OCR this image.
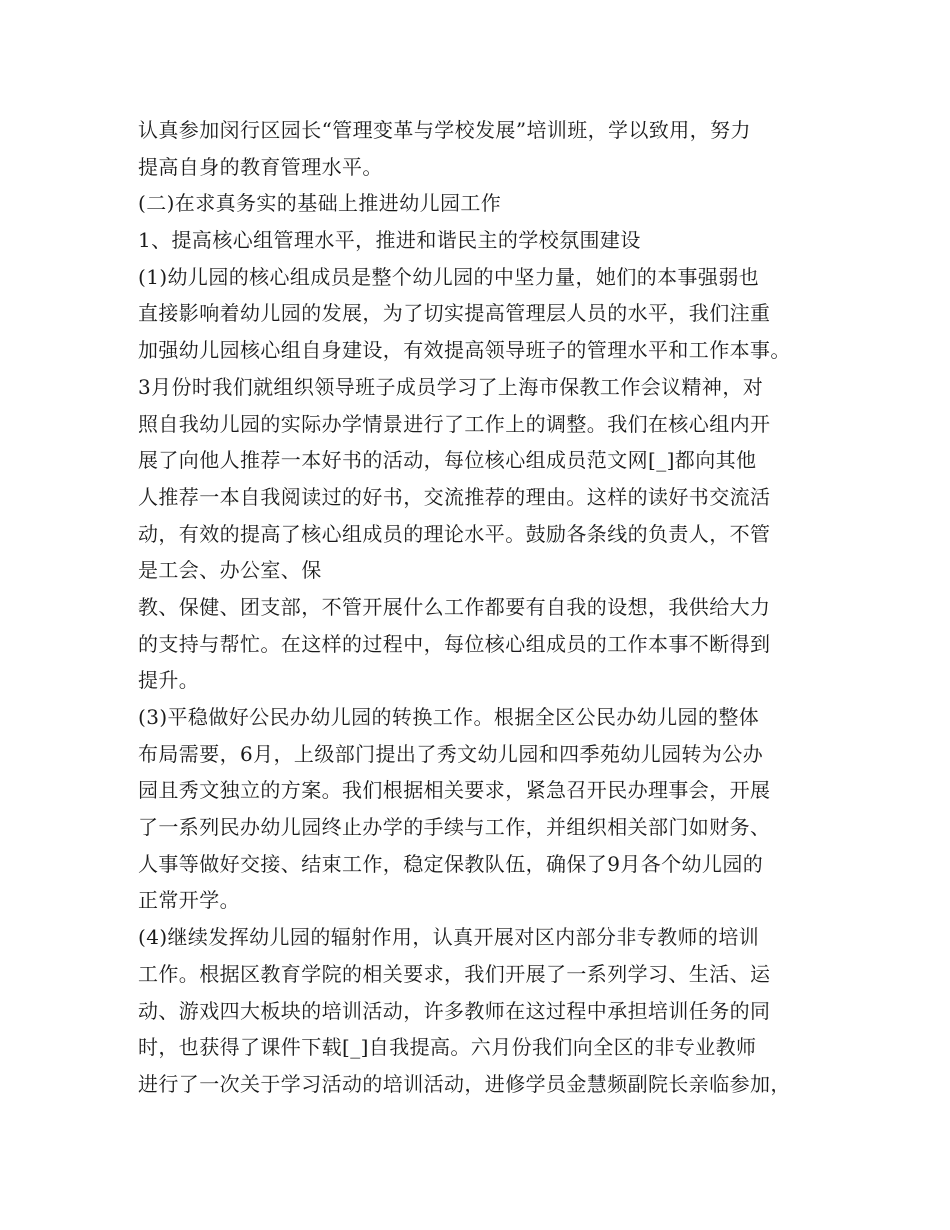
认真参加闵行区园长“管理变革与学校发展”培训班，学以致用，努力
提高自身的教育管理水平。
(二)在求真务实的基础上推进幼儿园工作
1、提高核心组管理水平，推进和谐民主的学校氛围建设
(1)幼儿园的核心组成员是整个幼儿园的中坚力量，她们的本事强弱也
直接影响着幼儿园的发展，为了切实提高管理层人员的水平，我们注重
加强幼儿园核心组自身建设，有效提高领导班子的管理水平和工作本事。
3月份时我们就组织领导班子成员学习了上海市保教工作会议精神，对
照自我幼儿园的实际办学情景进行了工作上的调整。我们在核心组内开
展了向他人推荐一本好书的活动，每位核心组成员范文网[_]都向其他
人推荐一本自我阅读过的好书，交流推荐的理由。这样的读好书交流活
动，有效的提高了核心组成员的理论水平。鼓励各条线的负责人，不管
是工会、办公室、保
教、保健、团支部，不管开展什么工作都要有自我的设想，我供给大力
的支持与帮忙。在这样的过程中，每位核心组成员的工作本事不断得到
提升。
(3)平稳做好公民办幼儿园的转换工作。根据全区公民办幼儿园的整体
布局需要，6月，上级部门提出了秀文幼儿园和四季苑幼儿园转为公办
园且秀文独立的方案。我们根据相关要求，紧急召开民办理事会，开展
了一系列民办幼儿园终止办学的手续与工作，并组织相关部门如财务、
人事等做好交接、结束工作，稳定保教队伍，确保了9月各个幼儿园的
正常开学。
(4)继续发挥幼儿园的辐射作用，认真开展对区内部分非专教师的培训
工作。根据区教育学院的相关要求，我们开展了一系列学习、生活、运
动、游戏四大板块的培训活动，许多教师在这过程中承担培训任务的同
时，也获得了课件下载[_]自我提高。六月份我们向全区的非专业教师
进行了一次关于学习活动的培训活动，进修学员金慧频副院长亲临参加，
